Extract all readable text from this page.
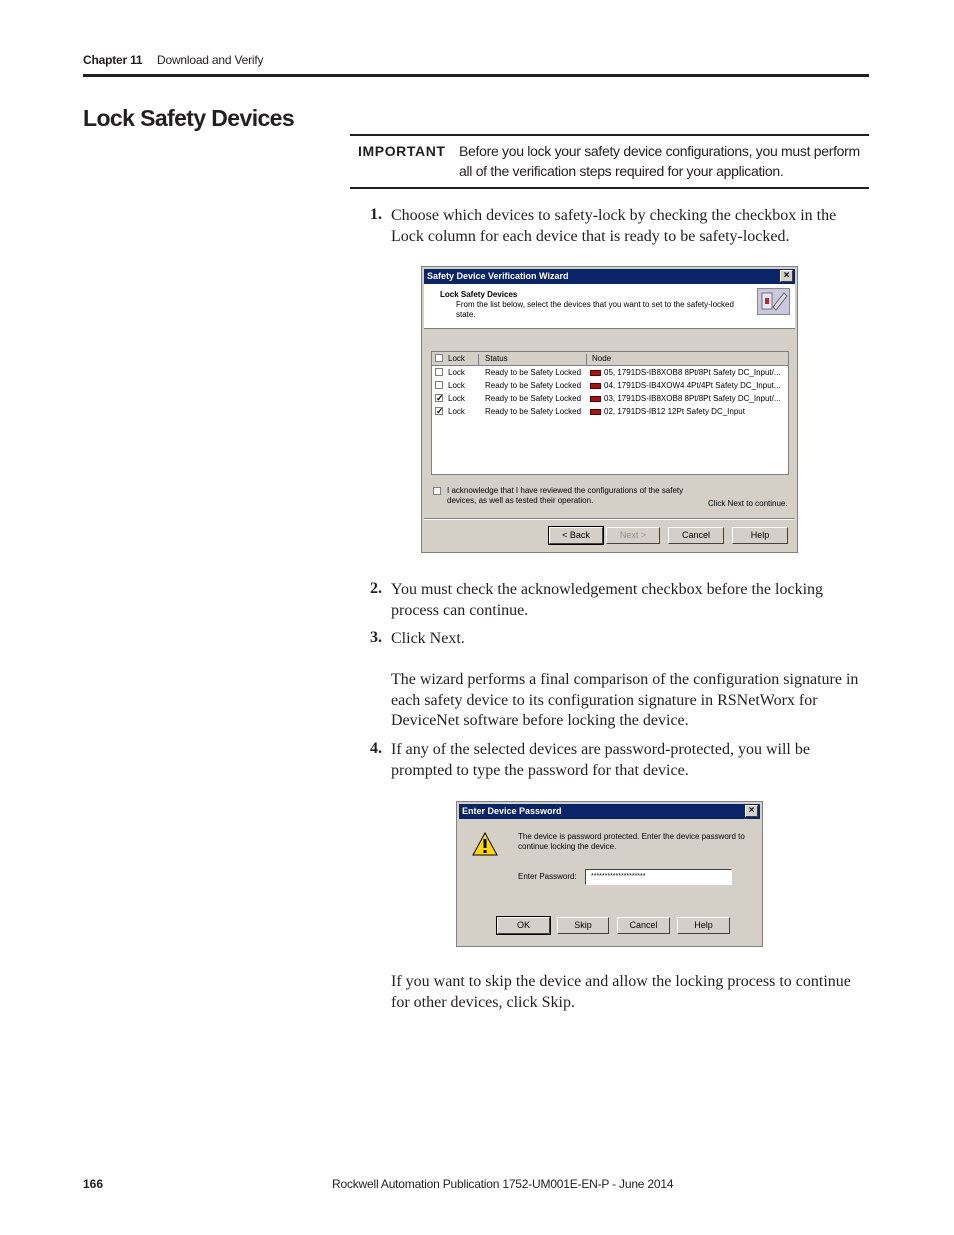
Chapter 11 Download and Verify
Lock Safety Devices
IMPORTANT Before you lock your safety device configurations, you must perform all of the verification steps required for your application.
1. Choose which devices to safety-lock by checking the checkbox in the Lock column for each device that is ready to be safety-locked.
Safety Device Verification Wizard	×
Lock Safety Devices
From the list below, select the devices that you want to set to the safety-locked state.
Lock	Status	Node
Lock	Ready to be Safety Locked	05, 1791DS-IB8XOB8 8Pt/8Pt Safety DC_Input/...
Lock	Ready to be Safety Locked	04, 1791DS-IB4XOW4 4Pt/4Pt Safety DC_Input...
✓ Lock	Ready to be Safety Locked	03, 1791DS-IB8XOB8 8Pt/8Pt Safety DC_Input/...
✓ Lock	Ready to be Safety Locked	02, 1791DS-IB12 12Pt Safety DC_Input
I acknowledge that I have reviewed the configurations of the safety devices, as well as tested their operation.	Click Next to continue.
< Back	Next >	Cancel	Help
2. You must check the acknowledgement checkbox before the locking process can continue.
3. Click Next.
The wizard performs a final comparison of the configuration signature in each safety device to its configuration signature in RSNetWorx for DeviceNet software before locking the device.
4. If any of the selected devices are password-protected, you will be prompted to type the password for that device.
Enter Device Password	×
The device is password protected. Enter the device password to continue locking the device.
Enter Password:	********************
OK	Skip	Cancel	Help
If you want to skip the device and allow the locking process to continue for other devices, click Skip.
166	Rockwell Automation Publication 1752-UM001E-EN-P - June 2014
